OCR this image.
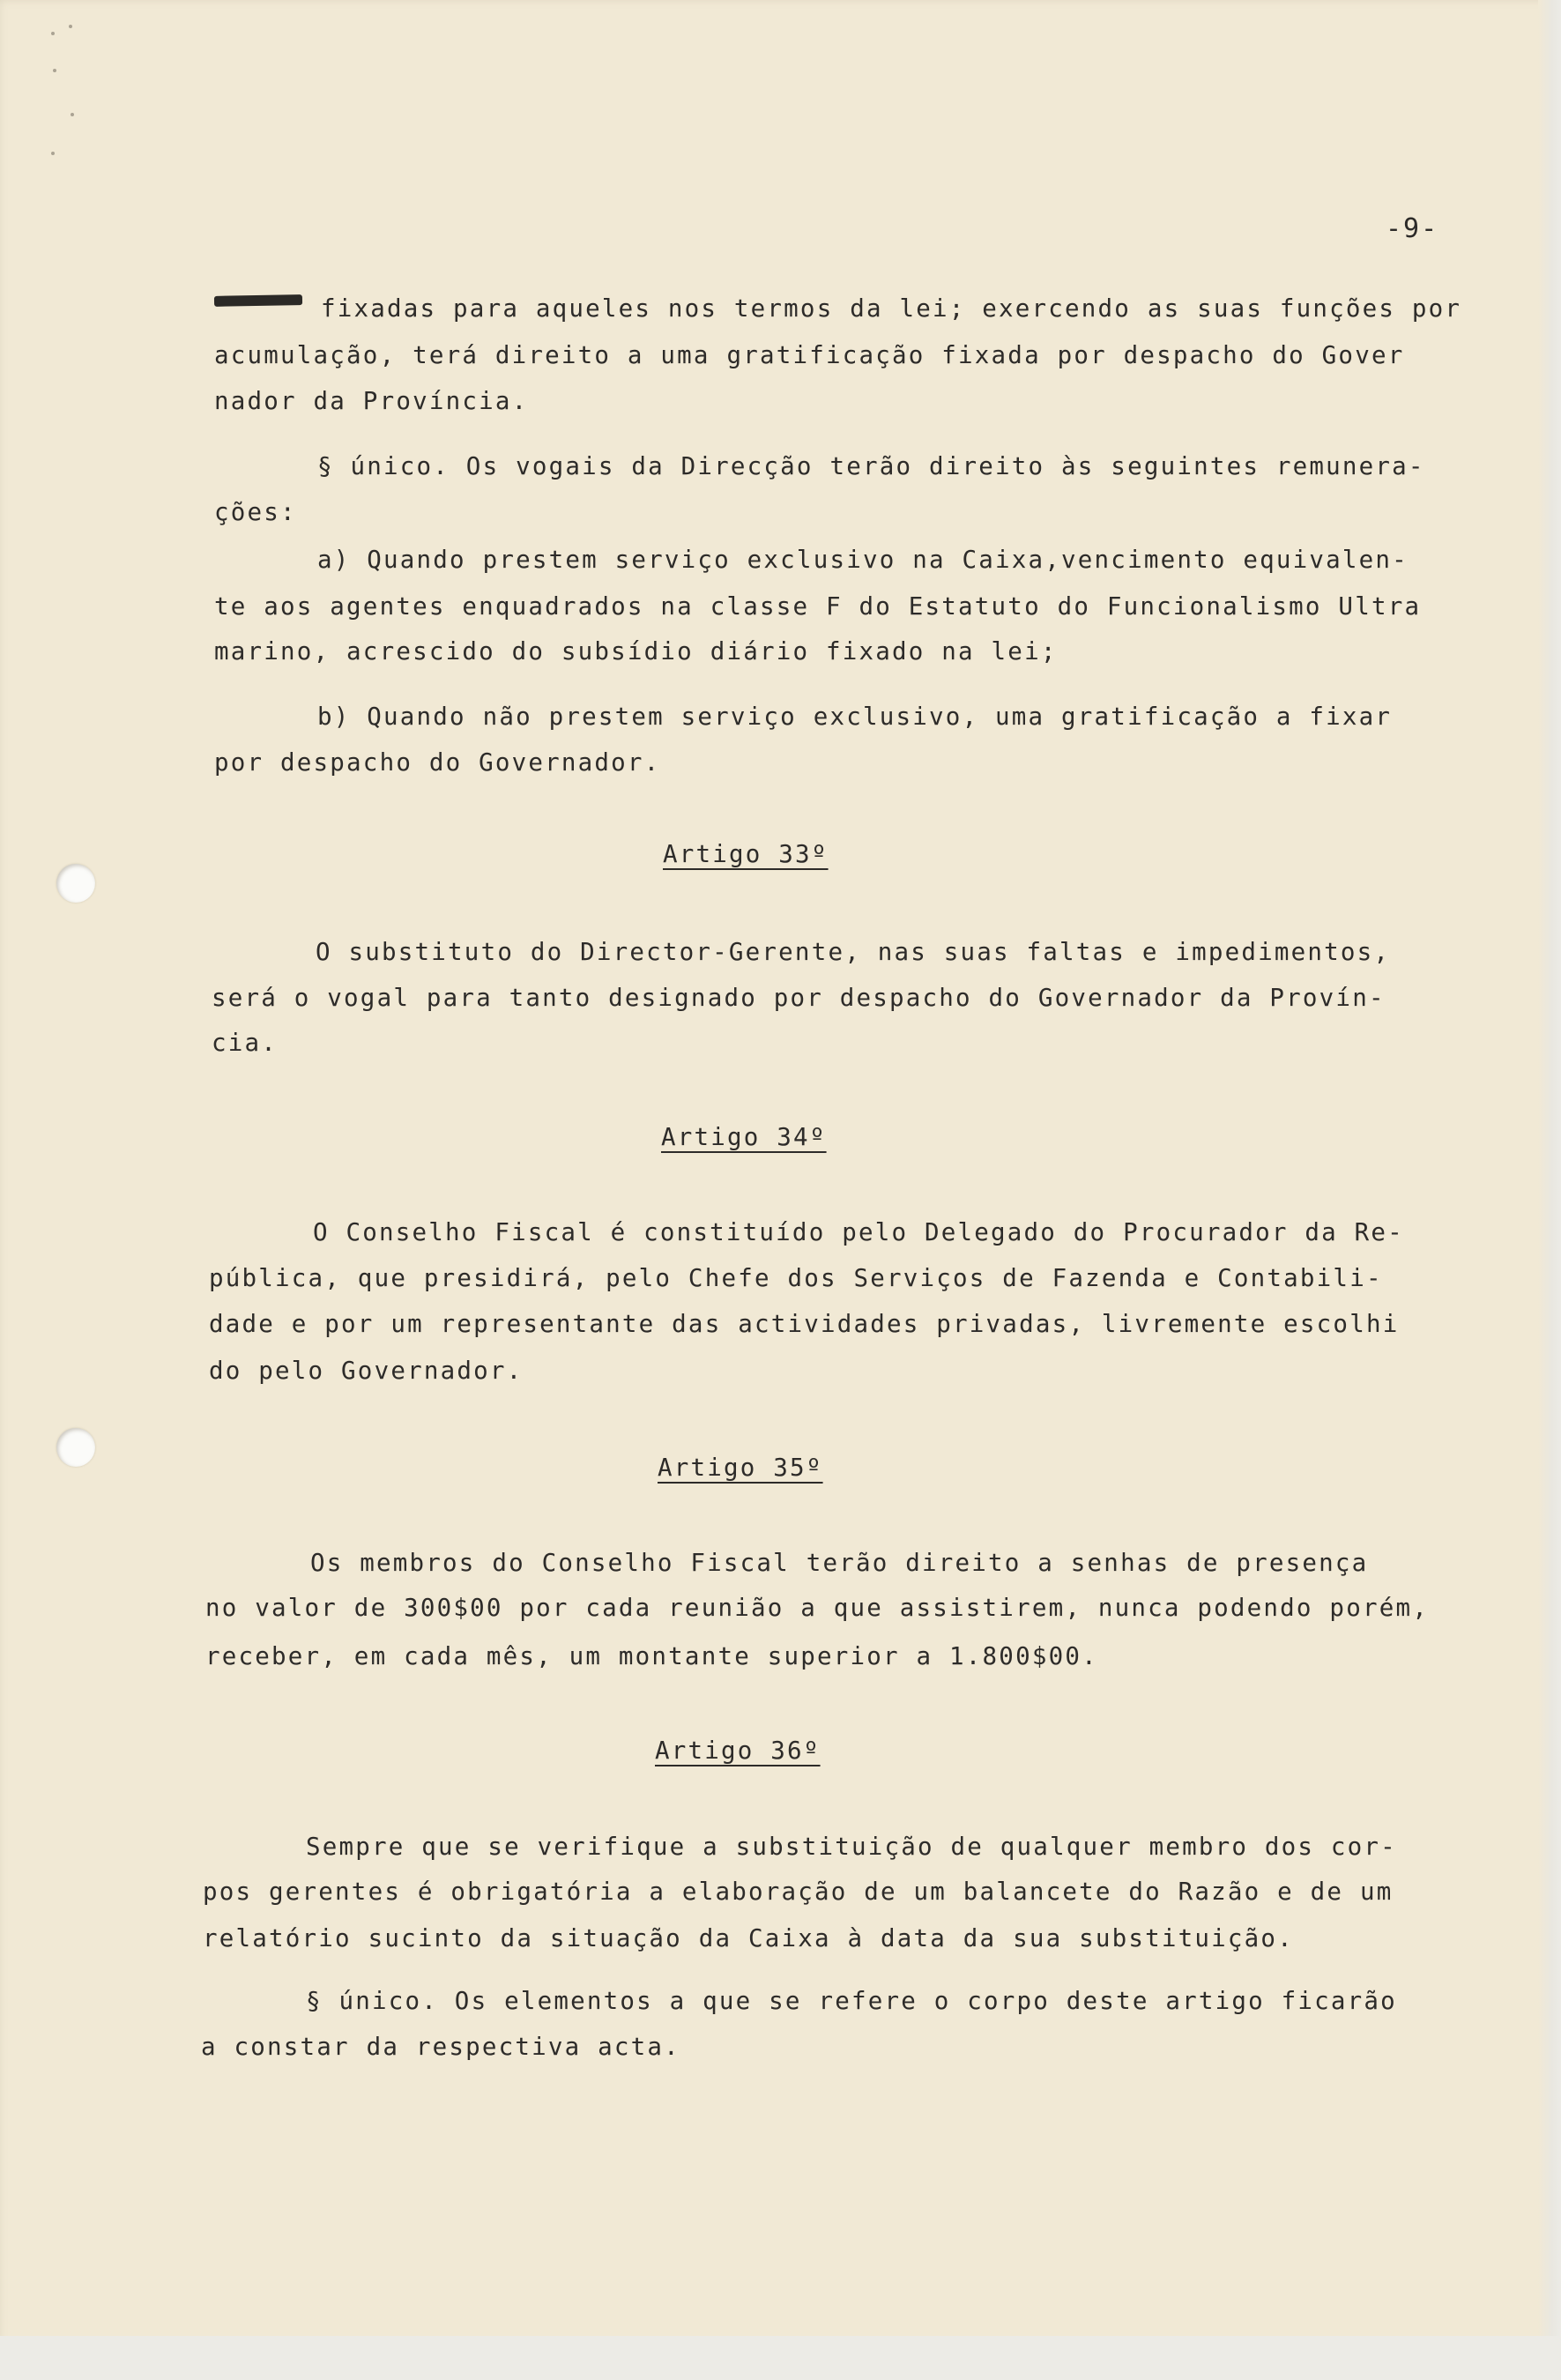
-9-

fixadas para aqueles nos termos da lei; exercendo as suas funções por

acumulação, terá direito a uma gratificação fixada por despacho do Gover

nador da Província.

§ único. Os vogais da Direcção terão direito às seguintes remunera-

ções:

a) Quando prestem serviço exclusivo na Caixa,vencimento equivalen-

te aos agentes enquadrados na classe F do Estatuto do Funcionalismo Ultra

marino, acrescido do subsídio diário fixado na lei;

b) Quando não prestem serviço exclusivo, uma gratificação a fixar

por despacho do Governador.

Artigo 33º

O substituto do Director-Gerente, nas suas faltas e impedimentos,

será o vogal para tanto designado por despacho do Governador da Provín-

cia.

Artigo 34º

O Conselho Fiscal é constituído pelo Delegado do Procurador da Re-

pública, que presidirá, pelo Chefe dos Serviços de Fazenda e Contabili-

dade e por um representante das actividades privadas, livremente escolhi

do pelo Governador.

Artigo 35º

Os membros do Conselho Fiscal terão direito a senhas de presença

no valor de 300$00 por cada reunião a que assistirem, nunca podendo porém,

receber, em cada mês, um montante superior a 1.800$00.

Artigo 36º

Sempre que se verifique a substituição de qualquer membro dos cor-

pos gerentes é obrigatória a elaboração de um balancete do Razão e de um

relatório sucinto da situação da Caixa à data da sua substituição.

§ único. Os elementos a que se refere o corpo deste artigo ficarão

a constar da respectiva acta.
